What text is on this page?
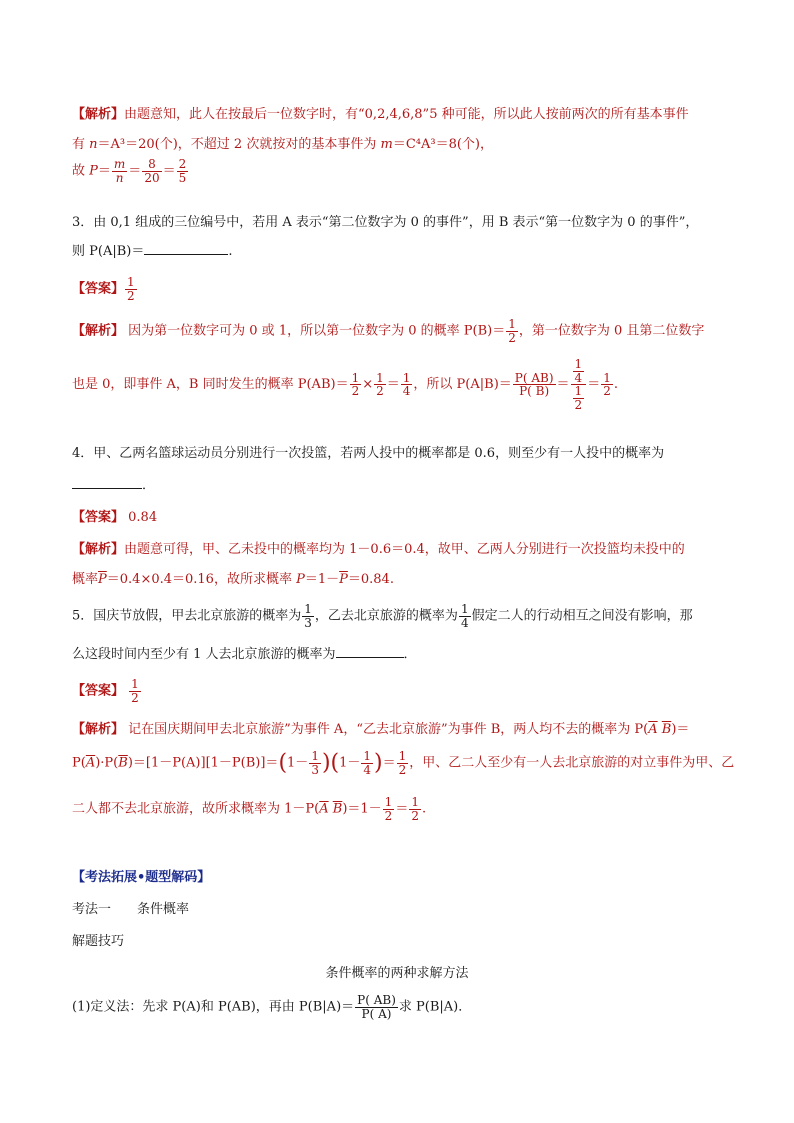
【解析】由题意知，此人在按最后一位数字时，有“0,2,4,6,8”5 种可能，所以此人按前两次的所有基本事件
有 n＝A³＝20(个)，不超过 2 次就按对的基本事件为 m＝C⁴A³＝8(个)，
故 $P= \frac{m}{n} = \frac{8}{20} = \frac{2}{5}$
3．由 0,1 组成的三位编号中，若用 A 表示“第二位数字为 0 的事件”，用 B 表示“第一位数字为 0 的事件”，
则 P(A|B)＝	.
【答案】 $\frac{1}{2}$
【解析】 因为第一位数字可为 0 或 1，所以第一位数字为 0 的概率 $P(B)= \frac{1}{2}$ ，第一位数字为 0 且第二位数字
也是 0，即事件 A，B 同时发生的概率 $P(AB)= \frac{1}{2} \times \frac{1}{2} = \frac{1}{4}$ ，所以 $P(A|B)= \frac{P( AB)}{P( B)} = \frac{\frac{1}{4}}{\frac{1}{2}} = \frac{1}{2}$ .
4．甲、乙两名篮球运动员分别进行一次投篮，若两人投中的概率都是 0.6，则至少有一人投中的概率为
．
【答案】 0.84
【解析】由题意可得，甲、乙未投中的概率均为 1－0.6＝0.4，故甲、乙两人分别进行一次投篮均未投中的
概率$\overline{P}=0.4\times 0.4=0.16$，故所求概率 $P=1-\overline{P}=0.84$.
5．国庆节放假，甲去北京旅游的概率为 $\frac{1}{3}$ ，乙去北京旅游的概率为 $\frac{1}{4}$ 假定二人的行动相互之间没有影响，那
么这段时间内至少有 1 人去北京旅游的概率为	．
【答案】 $\frac{1}{2}$
【解析】 记在国庆期间甲去北京旅游”为事件 A，“乙去北京旅游”为事件 B，两人均不去的概率为 $P(\overline{A}$ $\overline{B})=$
$P(\overline{A})\cdot P(\overline{B})=[1-P(A)][1-P(B)]=(1- \frac{1}{3} )(1- \frac{1}{4}$ )＝ $\frac{1}{2}$ ，甲、乙二人至少有一人去北京旅游的对立事件为甲、乙
二人都不去北京旅游，故所求概率为 $1-P(\overline{A}$ $\overline{B})=1- \frac{1}{2} = \frac{1}{2}$ .
【考法拓展•题型解码】
考法一　　条件概率
解题技巧
条件概率的两种求解方法
(1)定义法：先求 P(A)和 P(AB)，再由 $P(B|A)= \frac{P( AB)}{P( A)}$ 求 P(B|A)．
